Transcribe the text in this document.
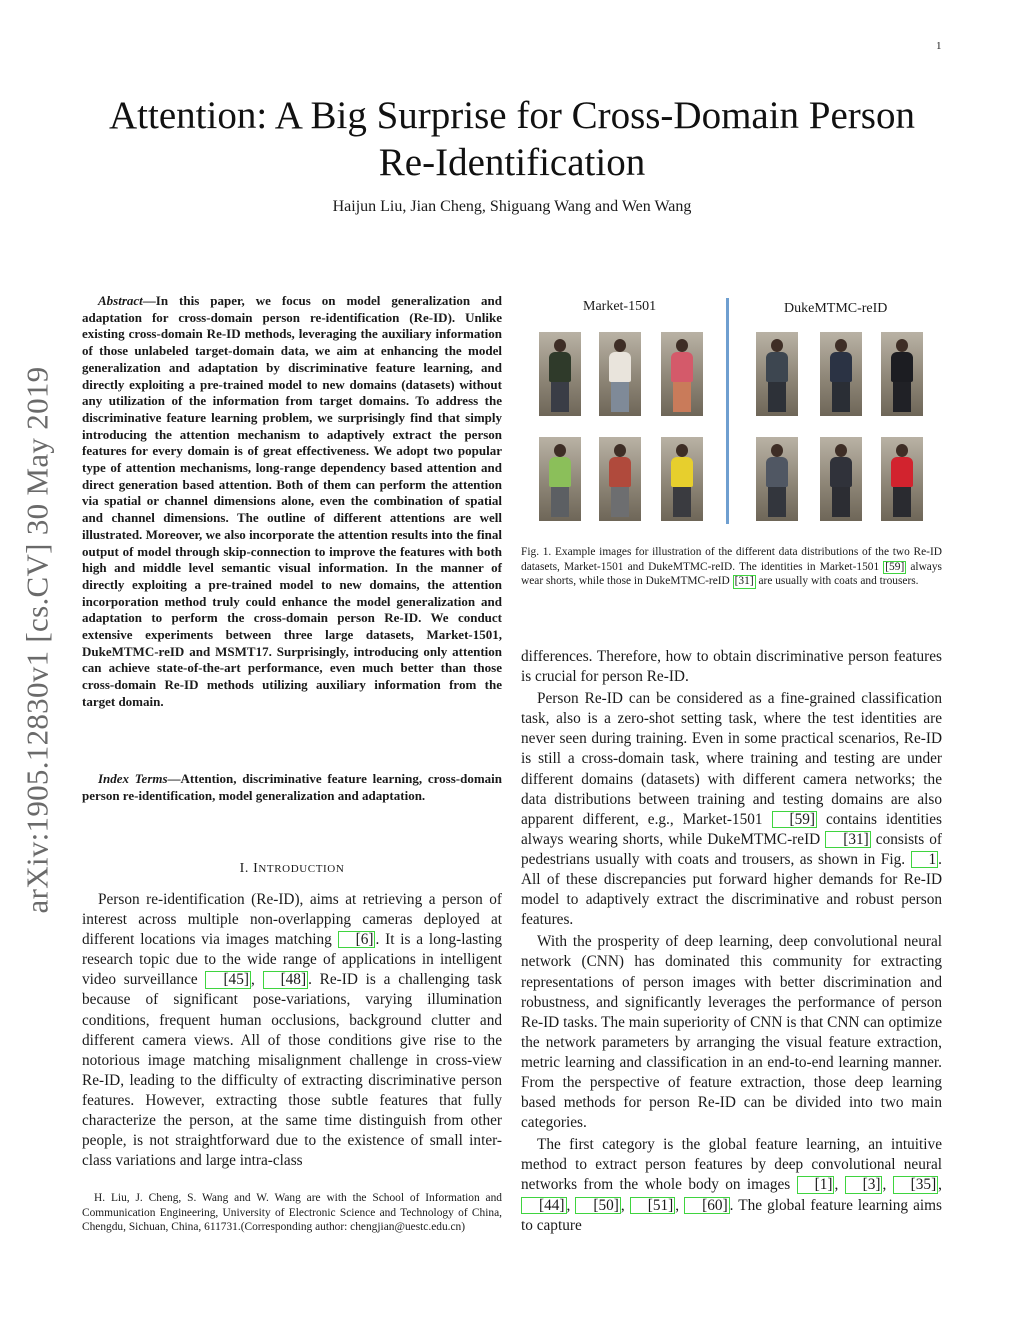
1
arXiv:1905.12830v1 [cs.CV] 30 May 2019
Attention: A Big Surprise for Cross-Domain Person
Re-Identification
Haijun Liu, Jian Cheng, Shiguang Wang and Wen Wang

Abstract—In this paper, we focus on model generalization and adaptation for cross-domain person re-identification (Re-ID). Unlike existing cross-domain Re-ID methods, leveraging the auxiliary information of those unlabeled target-domain data, we aim at enhancing the model generalization and adaptation by discriminative feature learning, and directly exploiting a pre-trained model to new domains (datasets) without any utilization of the information from target domains. To address the discriminative feature learning problem, we surprisingly find that simply introducing the attention mechanism to adaptively extract the person features for every domain is of great effectiveness. We adopt two popular type of attention mechanisms, long-range dependency based attention and direct generation based attention. Both of them can perform the attention via spatial or channel dimensions alone, even the combination of spatial and channel dimensions. The outline of different attentions are well illustrated. Moreover, we also incorporate the attention results into the final output of model through skip-connection to improve the features with both high and middle level semantic visual information. In the manner of directly exploiting a pre-trained model to new domains, the attention incorporation method truly could enhance the model generalization and adaptation to perform the cross-domain person Re-ID. We conduct extensive experiments between three large datasets, Market-1501, DukeMTMC-reID and MSMT17. Surprisingly, introducing only attention can achieve state-of-the-art performance, even much better than those cross-domain Re-ID methods utilizing auxiliary information from the target domain.

Index Terms—Attention, discriminative feature learning, cross-domain person re-identification, model generalization and adaptation.

I. INTRODUCTION

Person re-identification (Re-ID), aims at retrieving a person of interest across multiple non-overlapping cameras deployed at different locations via images matching [6] . It is a long-lasting research topic due to the wide range of applications in intelligent video surveillance [45] , [48] . Re-ID is a challenging task because of significant pose-variations, varying illumination conditions, frequent human occlusions, background clutter and different camera views. All of those conditions give rise to the notorious image matching misalignment challenge in cross-view Re-ID, leading to the difficulty of extracting discriminative person features. However, extracting those subtle features that fully characterize the person, at the same time distinguish from other people, is not straightforward due to the existence of small inter-class variations and large intra-class

H. Liu, J. Cheng, S. Wang and W. Wang are with the School of Information and Communication Engineering, University of Electronic Science and Technology of China, Chengdu, Sichuan, China, 611731.(Corresponding author: chengjian@uestc.edu.cn)

Market-1501	DukeMTMC-reID

Fig. 1. Example images for illustration of the different data distributions of the two Re-ID datasets, Market-1501 and DukeMTMC-reID. The identities in Market-1501 [59] always wear shorts, while those in DukeMTMC-reID [31] are usually with coats and trousers.

differences. Therefore, how to obtain discriminative person features is crucial for person Re-ID.

Person Re-ID can be considered as a fine-grained classification task, also is a zero-shot setting task, where the test identities are never seen during training. Even in some practical scenarios, Re-ID is still a cross-domain task, where training and testing are under different domains (datasets) with different camera networks; the data distributions between training and testing domains are also apparent different, e.g., Market-1501 [59] contains identities always wearing shorts, while DukeMTMC-reID [31] consists of pedestrians usually with coats and trousers, as shown in Fig. 1 . All of these discrepancies put forward higher demands for Re-ID model to adaptively extract the discriminative and robust person features.

With the prosperity of deep learning, deep convolutional neural network (CNN) has dominated this community for extracting representations of person images with better discrimination and robustness, and significantly leverages the performance of person Re-ID tasks. The main superiority of CNN is that CNN can optimize the network parameters by arranging the visual feature extraction, metric learning and classification in an end-to-end learning manner. From the perspective of feature extraction, those deep learning based methods for person Re-ID can be divided into two main categories.

The first category is the global feature learning, an intuitive method to extract person features by deep convolutional neural networks from the whole body on images [1] , [3] , [35] , [44] , [50] , [51] , [60] . The global feature learning aims to capture
